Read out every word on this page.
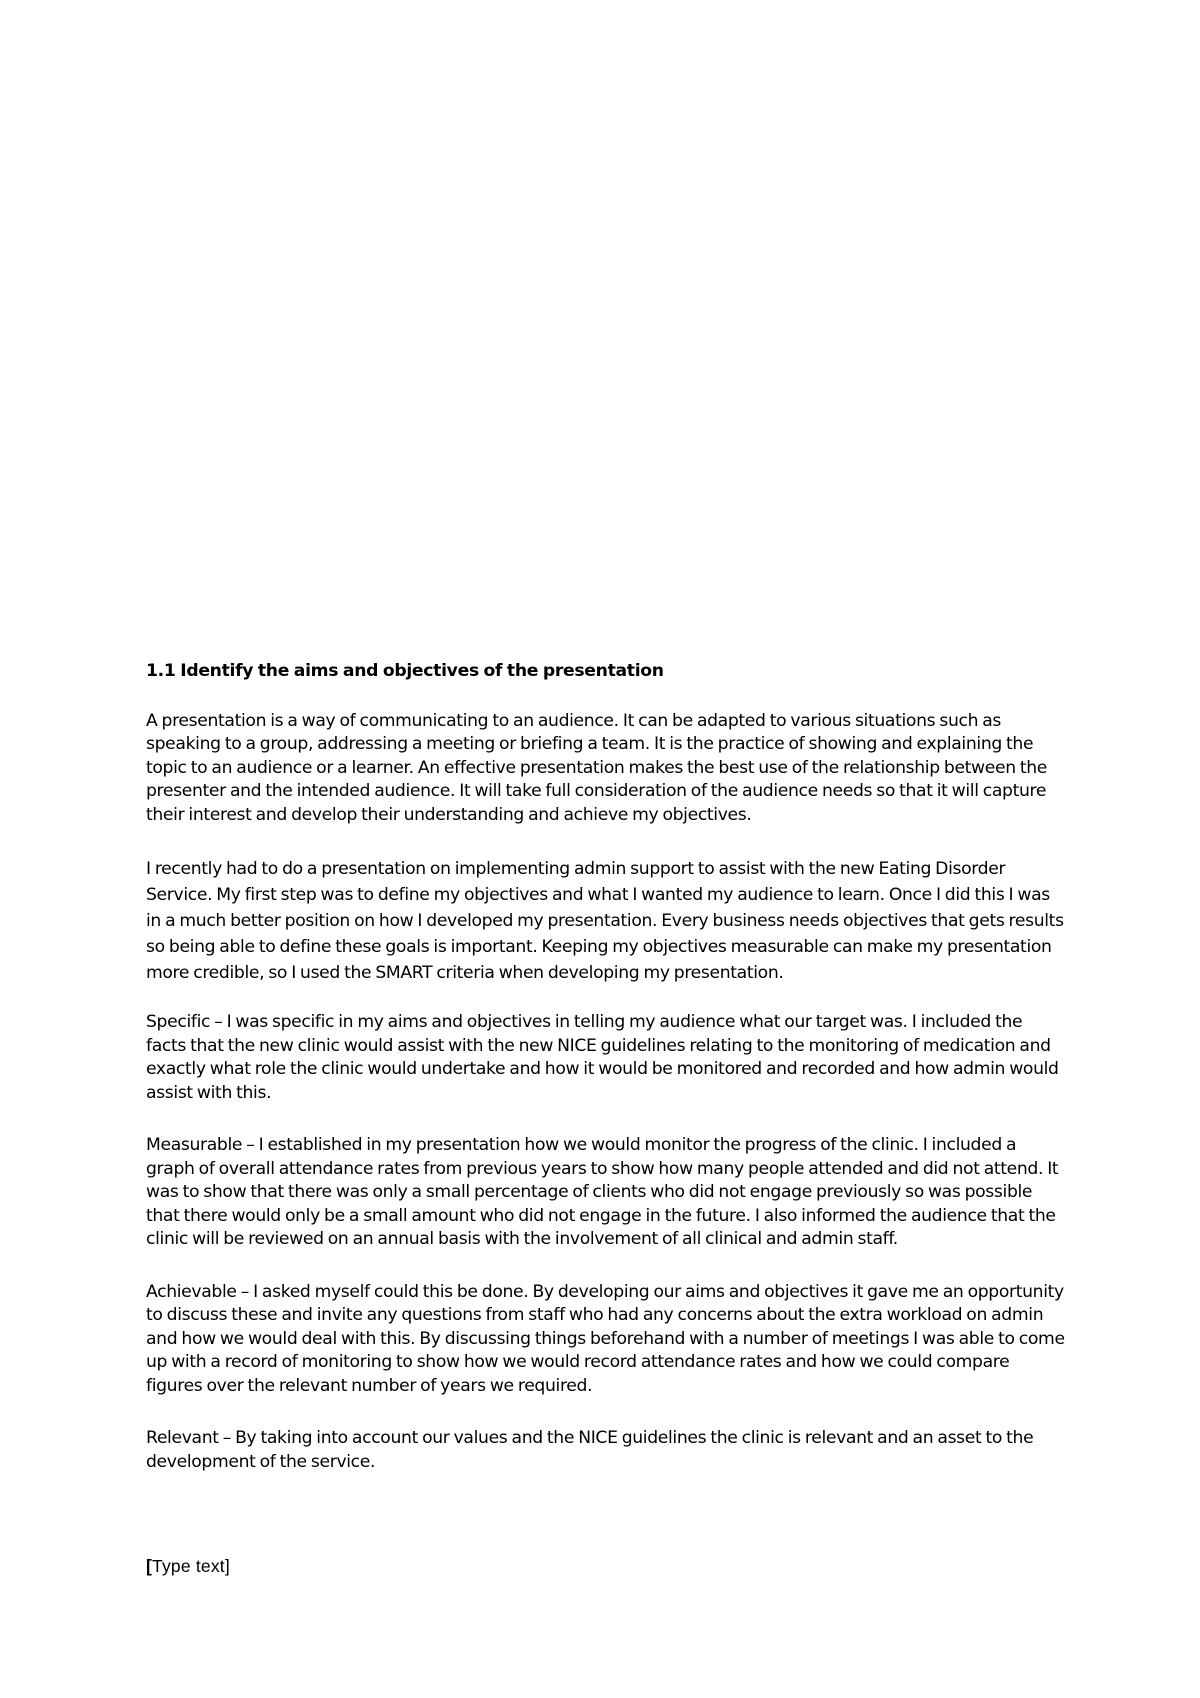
1.1 Identify the aims and objectives of the presentation

A presentation is a way of communicating to an audience. It can be adapted to various situations such as speaking to a group, addressing a meeting or briefing a team. It is the practice of showing and explaining the topic to an audience or a learner. An effective presentation makes the best use of the relationship between the presenter and the intended audience. It will take full consideration of the audience needs so that it will capture their interest and develop their understanding and achieve my objectives.

I recently had to do a presentation on implementing admin support to assist with the new Eating Disorder Service. My first step was to define my objectives and what I wanted my audience to learn. Once I did this I was in a much better position on how I developed my presentation. Every business needs objectives that gets results so being able to define these goals is important. Keeping my objectives measurable can make my presentation more credible, so I used the SMART criteria when developing my presentation.

Specific – I was specific in my aims and objectives in telling my audience what our target was. I included the facts that the new clinic would assist with the new NICE guidelines relating to the monitoring of medication and exactly what role the clinic would undertake and how it would be monitored and recorded and how admin would assist with this.

Measurable – I established in my presentation how we would monitor the progress of the clinic. I included a graph of overall attendance rates from previous years to show how many people attended and did not attend. It was to show that there was only a small percentage of clients who did not engage previously so was possible that there would only be a small amount who did not engage in the future. I also informed the audience that the clinic will be reviewed on an annual basis with the involvement of all clinical and admin staff.

Achievable – I asked myself could this be done. By developing our aims and objectives it gave me an opportunity to discuss these and invite any questions from staff who had any concerns about the extra workload on admin and how we would deal with this. By discussing things beforehand with a number of meetings I was able to come up with a record of monitoring to show how we would record attendance rates and how we could compare figures over the relevant number of years we required.

Relevant – By taking into account our values and the NICE guidelines the clinic is relevant and an asset to the development of the service.

[Type text]
